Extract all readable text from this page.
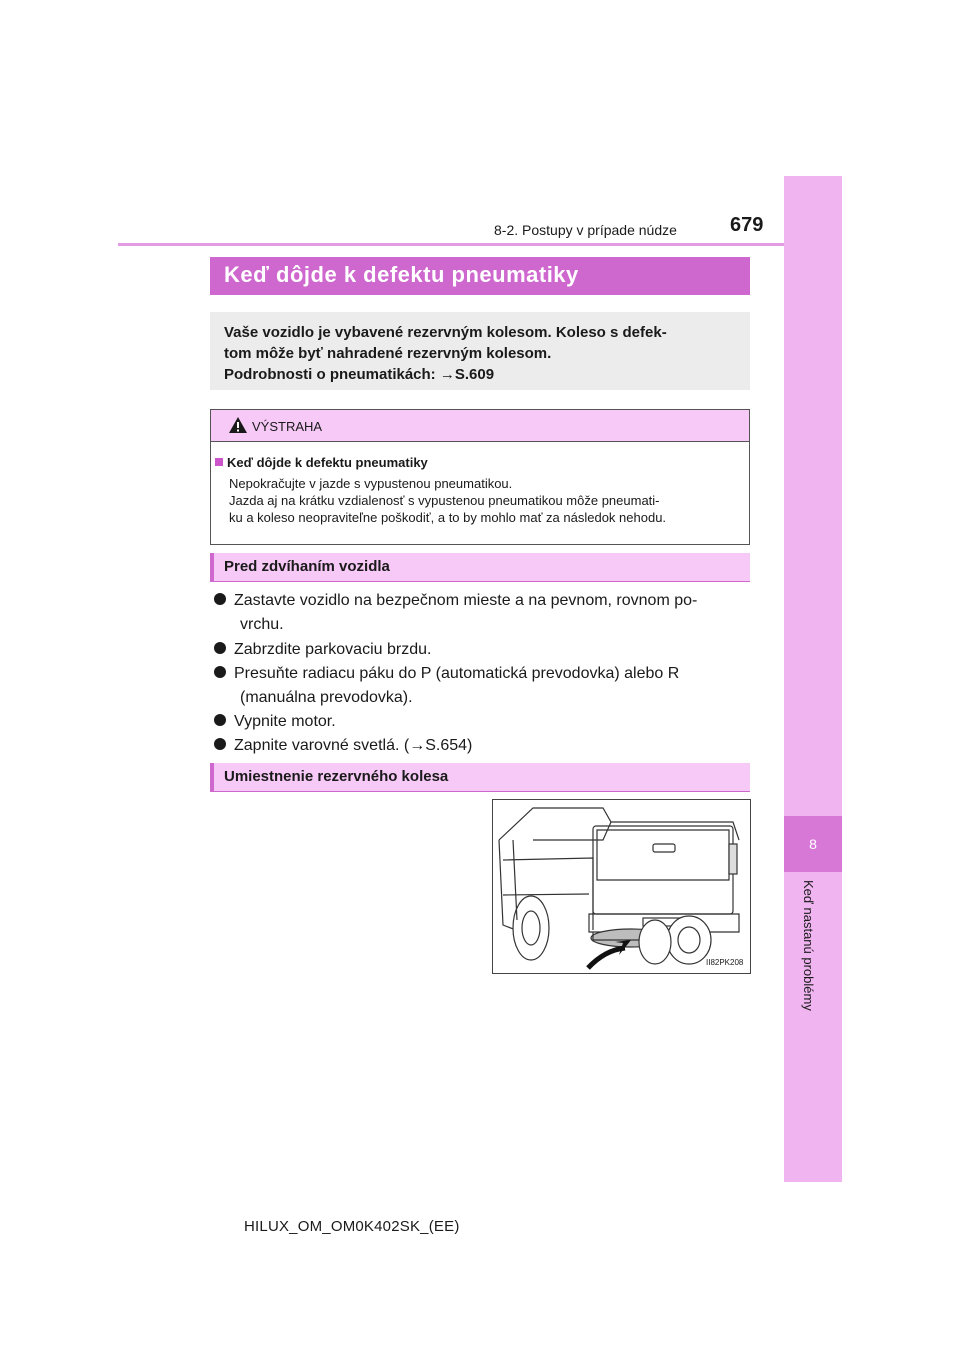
8
Keď nastanú problémy
8-2. Postupy v prípade núdze	679
Keď dôjde k defektu pneumatiky

Vaše vozidlo je vybavené rezervným kolesom. Koleso s defek-

tom môže byť nahradené rezervným kolesom.

Podrobnosti o pneumatikách: →S.609

VÝSTRAHA
Keď dôjde k defektu pneumatiky
Nepokračujte v jazde s vypustenou pneumatikou.
Jazda aj na krátku vzdialenosť s vypustenou pneumatikou môže pneumati-
ku a koleso neopraviteľne poškodiť, a to by mohlo mať za následok nehodu.
Pred zdvíhaním vozidla
Zastavte vozidlo na bezpečnom mieste a na pevnom, rovnom po-
vrchu.
Zabrzdite parkovaciu brzdu.
Presuňte radiacu páku do P (automatická prevodovka) alebo R
(manuálna prevodovka).
Vypnite motor.
Zapnite varovné svetlá. (→S.654)
Umiestnenie rezervného kolesa
II82PK208
HILUX_OM_OM0K402SK_(EE)
